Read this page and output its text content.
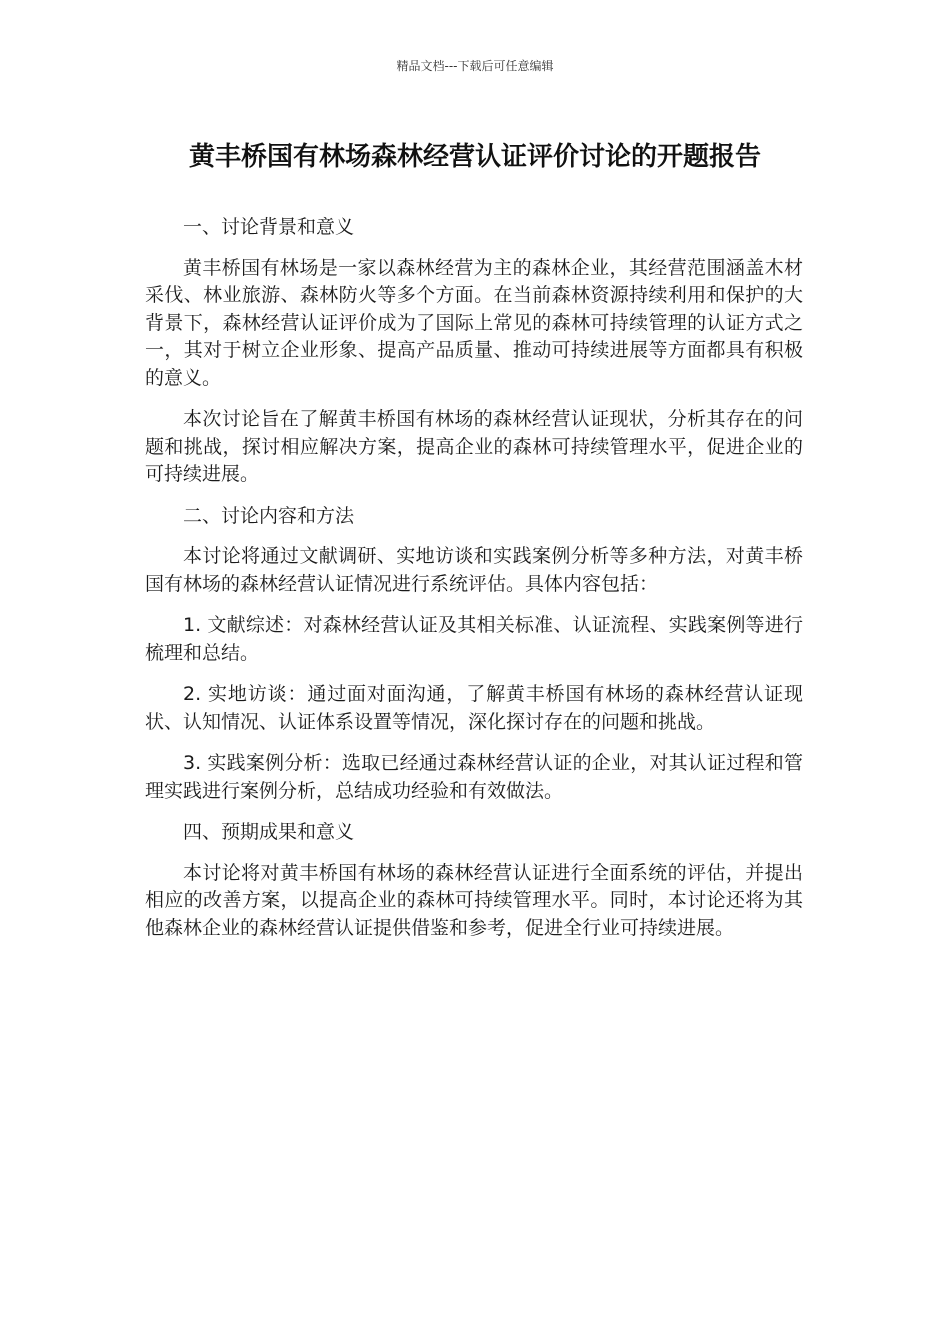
精品文档---下载后可任意编辑
黄丰桥国有林场森林经营认证评价讨论的开题报告

一、讨论背景和意义

黄丰桥国有林场是一家以森林经营为主的森林企业，其经营范围涵盖木材采伐、林业旅游、森林防火等多个方面。在当前森林资源持续利用和保护的大背景下，森林经营认证评价成为了国际上常见的森林可持续管理的认证方式之一，其对于树立企业形象、提高产品质量、推动可持续进展等方面都具有积极的意义。

本次讨论旨在了解黄丰桥国有林场的森林经营认证现状，分析其存在的问题和挑战，探讨相应解决方案，提高企业的森林可持续管理水平，促进企业的可持续进展。

二、讨论内容和方法

本讨论将通过文献调研、实地访谈和实践案例分析等多种方法，对黄丰桥国有林场的森林经营认证情况进行系统评估。具体内容包括：

1. 文献综述：对森林经营认证及其相关标准、认证流程、实践案例等进行梳理和总结。

2. 实地访谈：通过面对面沟通，了解黄丰桥国有林场的森林经营认证现状、认知情况、认证体系设置等情况，深化探讨存在的问题和挑战。

3. 实践案例分析：选取已经通过森林经营认证的企业，对其认证过程和管理实践进行案例分析，总结成功经验和有效做法。

四、预期成果和意义

本讨论将对黄丰桥国有林场的森林经营认证进行全面系统的评估，并提出相应的改善方案，以提高企业的森林可持续管理水平。同时，本讨论还将为其他森林企业的森林经营认证提供借鉴和参考，促进全行业可持续进展。
